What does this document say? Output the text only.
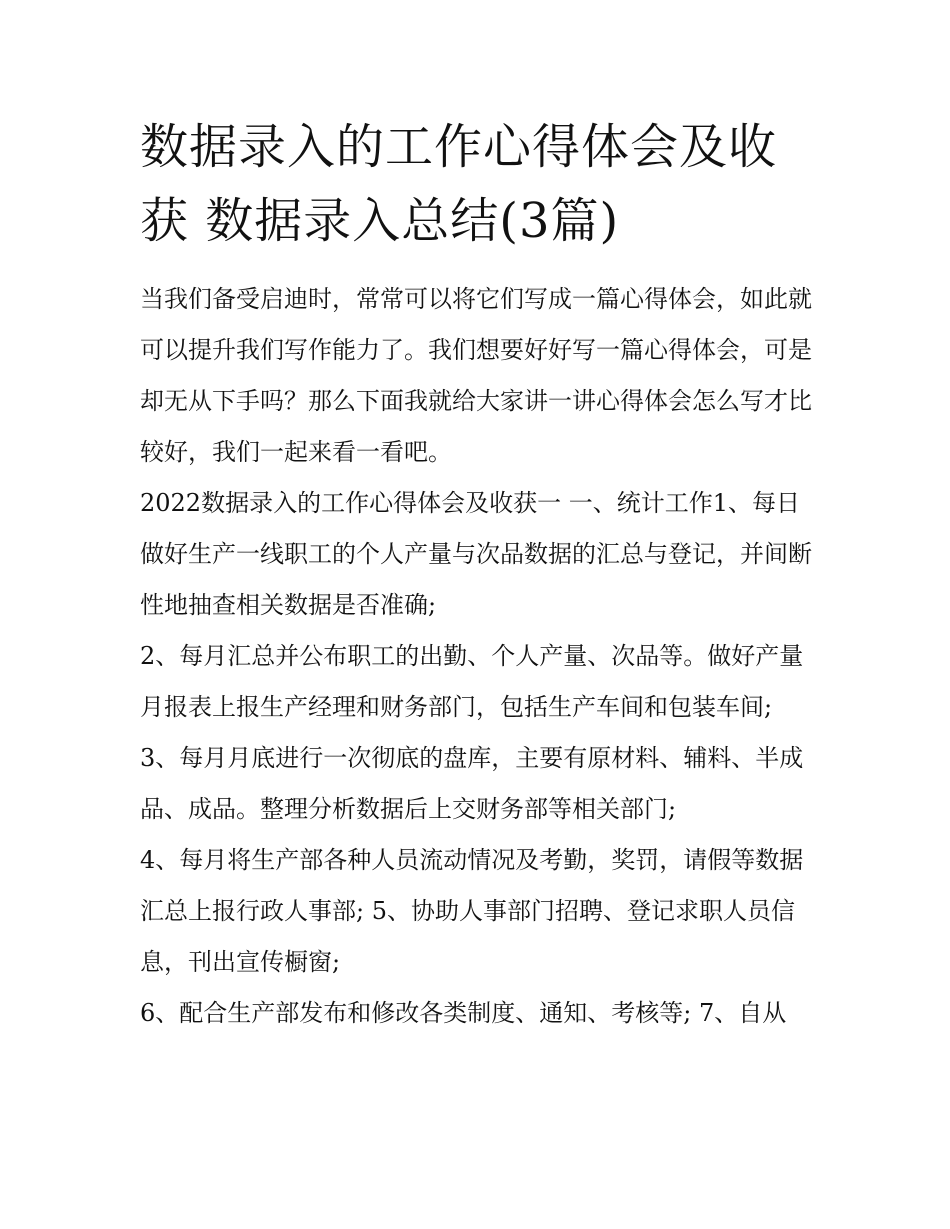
数据录入的工作心得体会及收获 数据录入总结(3篇)

当我们备受启迪时，常常可以将它们写成一篇心得体会，如此就可以提升我们写作能力了。我们想要好好写一篇心得体会，可是却无从下手吗？那么下面我就给大家讲一讲心得体会怎么写才比较好，我们一起来看一看吧。

2022数据录入的工作心得体会及收获一 一、统计工作1、每日做好生产一线职工的个人产量与次品数据的汇总与登记，并间断性地抽查相关数据是否准确;

2、每月汇总并公布职工的出勤、个人产量、次品等。做好产量月报表上报生产经理和财务部门，包括生产车间和包装车间;

3、每月月底进行一次彻底的盘库，主要有原材料、辅料、半成品、成品。整理分析数据后上交财务部等相关部门;

4、每月将生产部各种人员流动情况及考勤，奖罚，请假等数据汇总上报行政人事部; 5、协助人事部门招聘、登记求职人员信息，刊出宣传橱窗;

6、配合生产部发布和修改各类制度、通知、考核等; 7、自从
